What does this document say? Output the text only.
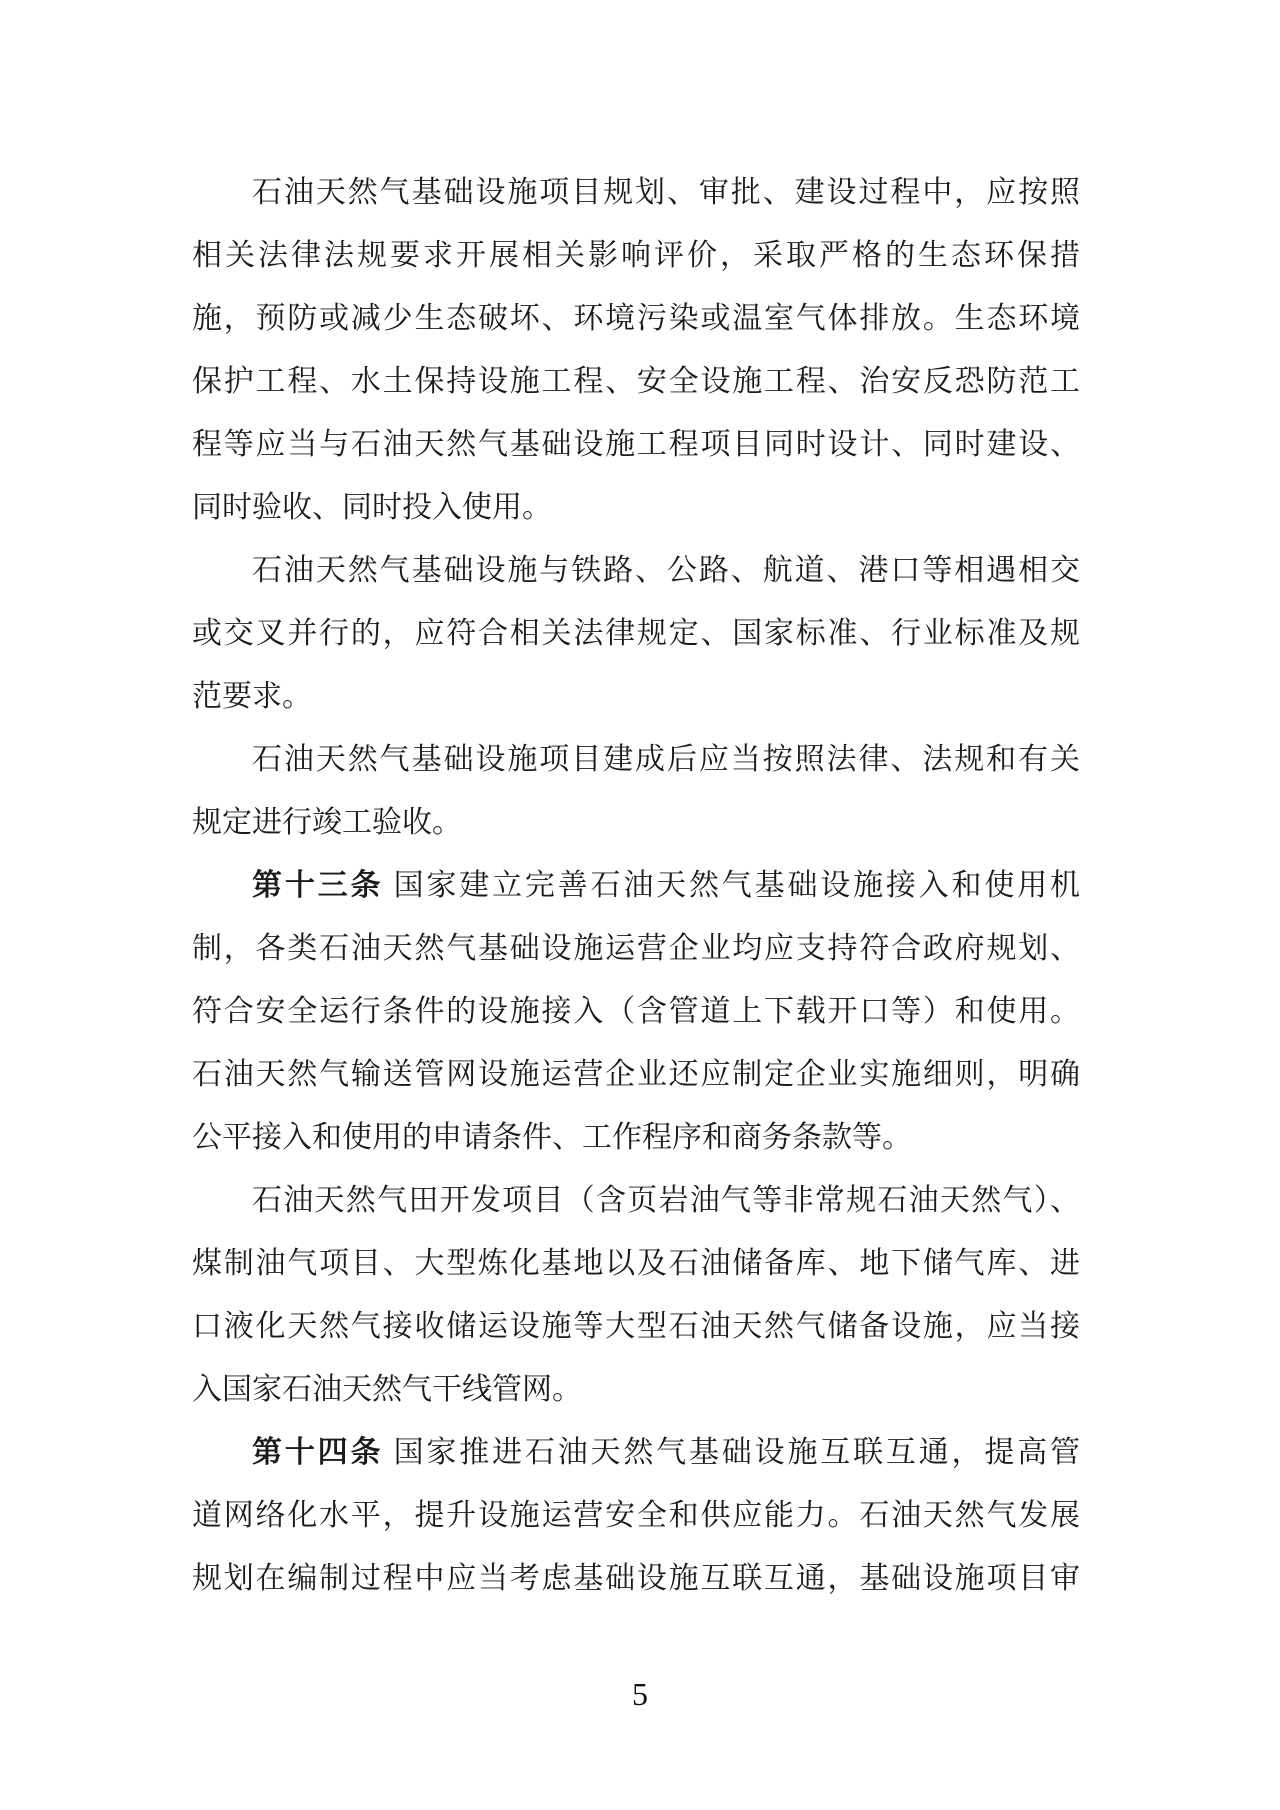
石油天然气基础设施项目规划、审批、建设过程中，应按照
相关法律法规要求开展相关影响评价，采取严格的生态环保措
施，预防或减少生态破坏、环境污染或温室气体排放。生态环境
保护工程、水土保持设施工程、安全设施工程、治安反恐防范工
程等应当与石油天然气基础设施工程项目同时设计、同时建设、
同时验收、同时投入使用。
石油天然气基础设施与铁路、公路、航道、港口等相遇相交
或交叉并行的，应符合相关法律规定、国家标准、行业标准及规
范要求。
石油天然气基础设施项目建成后应当按照法律、法规和有关
规定进行竣工验收。
第十三条 国家建立完善石油天然气基础设施接入和使用机
制，各类石油天然气基础设施运营企业均应支持符合政府规划、
符合安全运行条件的设施接入（含管道上下载开口等）和使用。
石油天然气输送管网设施运营企业还应制定企业实施细则，明确
公平接入和使用的申请条件、工作程序和商务条款等。
石油天然气田开发项目（含页岩油气等非常规石油天然气）、
煤制油气项目、大型炼化基地以及石油储备库、地下储气库、进
口液化天然气接收储运设施等大型石油天然气储备设施，应当接
入国家石油天然气干线管网。
第十四条 国家推进石油天然气基础设施互联互通，提高管
道网络化水平，提升设施运营安全和供应能力。石油天然气发展
规划在编制过程中应当考虑基础设施互联互通，基础设施项目审
5
